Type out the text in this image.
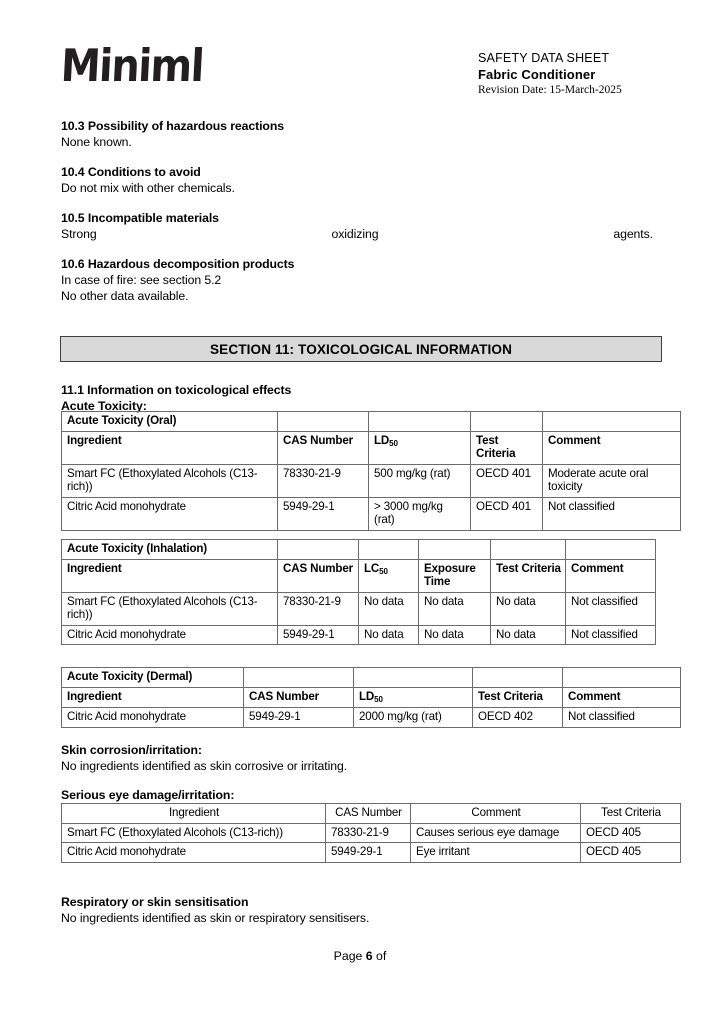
Miniml	SAFETY DATA SHEET
Fabric Conditioner
Revision Date: 15-March-2025

10.3 Possibility of hazardous reactions

None known.

10.4 Conditions to avoid

Do not mix with other chemicals.

10.5 Incompatible materials

Strong	oxidizing	agents.

10.6 Hazardous decomposition products

In case of fire: see section 5.2

No other data available.

SECTION 11: TOXICOLOGICAL INFORMATION

11.1 Information on toxicological effects

Acute Toxicity:

Acute Toxicity (Oral)				
Ingredient	CAS Number	$LD_{50}$	Test Criteria	Comment
Smart FC (Ethoxylated Alcohols (C13-rich))	78330-21-9	500 mg/kg (rat)	OECD 401	Moderate acute oral toxicity
Citric Acid monohydrate	5949-29-1	> 3000 mg/kg (rat)	OECD 401	Not classified
Acute Toxicity (Inhalation)					
Ingredient	CAS Number	$LC_{50}$	Exposure Time	Test Criteria	Comment
Smart FC (Ethoxylated Alcohols (C13-rich))	78330-21-9	No data	No data	No data	Not classified
Citric Acid monohydrate	5949-29-1	No data	No data	No data	Not classified
Acute Toxicity (Dermal)				
Ingredient	CAS Number	$LD_{50}$	Test Criteria	Comment
Citric Acid monohydrate	5949-29-1	2000 mg/kg (rat)	OECD 402	Not classified

Skin corrosion/irritation:

No ingredients identified as skin corrosive or irritating.

Serious eye damage/irritation:

Ingredient	CAS Number	Comment	Test Criteria
Smart FC (Ethoxylated Alcohols (C13-rich))	78330-21-9	Causes serious eye damage	OECD 405
Citric Acid monohydrate	5949-29-1	Eye irritant	OECD 405

Respiratory or skin sensitisation

No ingredients identified as skin or respiratory sensitisers.

Page 6 of
